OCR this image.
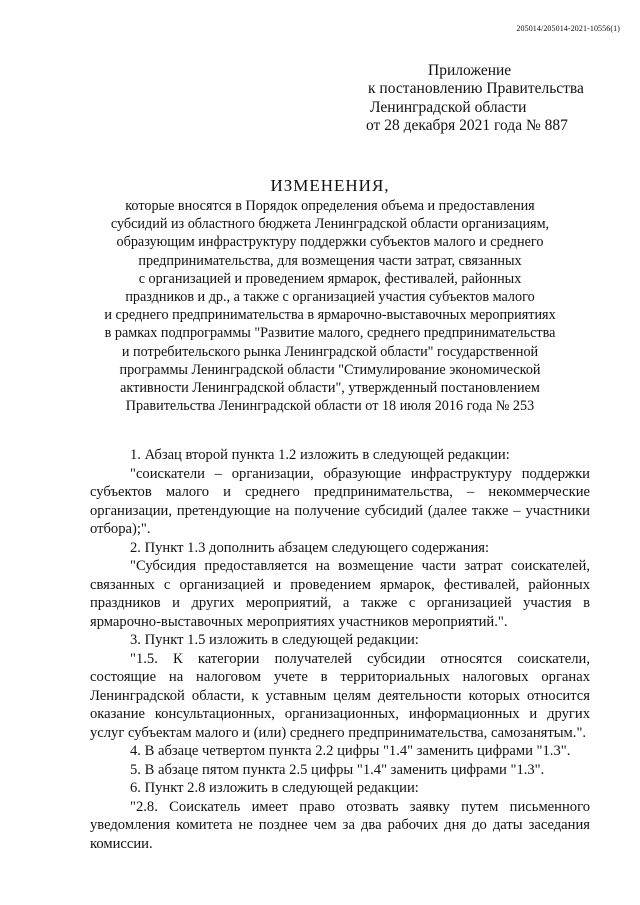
205014/205014-2021-10556(1)
Приложение
к постановлению Правительства
Ленинградской области
от 28 декабря 2021 года № 887
ИЗМЕНЕНИЯ,
которые вносятся в Порядок определения объема и предоставления
субсидий из областного бюджета Ленинградской области организациям,
образующим инфраструктуру поддержки субъектов малого и среднего
предпринимательства, для возмещения части затрат, связанных
с организацией и проведением ярмарок, фестивалей, районных
праздников и др., а также с организацией участия субъектов малого
и среднего предпринимательства в ярмарочно-выставочных мероприятиях
в рамках подпрограммы "Развитие малого, среднего предпринимательства
и потребительского рынка Ленинградской области" государственной
программы Ленинградской области "Стимулирование экономической
активности Ленинградской области", утвержденный постановлением
Правительства Ленинградской области от 18 июля 2016 года № 253

1. Абзац второй пункта 1.2 изложить в следующей редакции:

"соискатели – организации, образующие инфраструктуру поддержки субъектов малого и среднего предпринимательства, – некоммерческие организации, претендующие на получение субсидий (далее также – участники отбора);".

2. Пункт 1.3 дополнить абзацем следующего содержания:

"Субсидия предоставляется на возмещение части затрат соискателей, связанных с организацией и проведением ярмарок, фестивалей, районных праздников и других мероприятий, а также с организацией участия в ярмарочно-выставочных мероприятиях участников мероприятий.".

3. Пункт 1.5 изложить в следующей редакции:

"1.5. К категории получателей субсидии относятся соискатели, состоящие на налоговом учете в территориальных налоговых органах Ленинградской области, к уставным целям деятельности которых относится оказание консультационных, организационных, информационных и других услуг субъектам малого и (или) среднего предпринимательства, самозанятым.".

4. В абзаце четвертом пункта 2.2 цифры "1.4" заменить цифрами "1.3".

5. В абзаце пятом пункта 2.5 цифры "1.4" заменить цифрами "1.3".

6. Пункт 2.8 изложить в следующей редакции:

"2.8. Соискатель имеет право отозвать заявку путем письменного уведомления комитета не позднее чем за два рабочих дня до даты заседания комиссии.
